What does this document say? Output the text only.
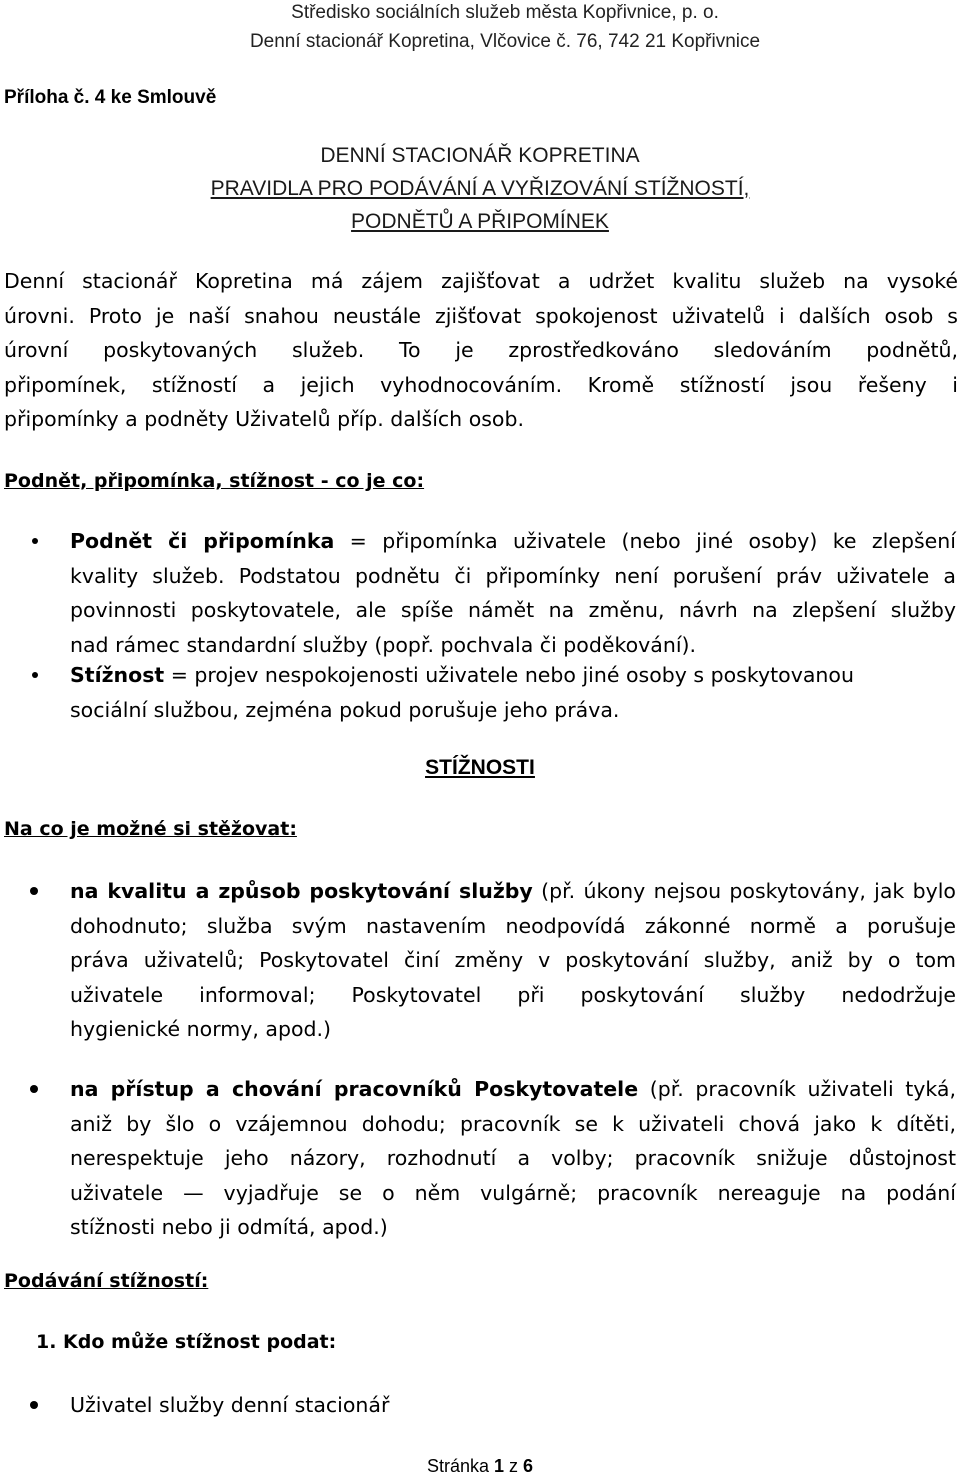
Středisko sociálních služeb města Kopřivnice, p. o.
Denní stacionář Kopretina, Vlčovice č. 76, 742 21 Kopřivnice
Příloha č. 4 ke Smlouvě
DENNÍ STACIONÁŘ KOPRETINA
PRAVIDLA PRO PODÁVÁNÍ A VYŘIZOVÁNÍ STÍŽNOSTÍ,
PODNĚTŮ A PŘIPOMÍNEK
Denní stacionář Kopretina má zájem zajišťovat a udržet kvalitu služeb na vysoké
úrovni. Proto je naší snahou neustále zjišťovat spokojenost uživatelů i dalších osob s
úrovní poskytovaných služeb. To je zprostředkováno sledováním podnětů,
připomínek, stížností a jejich vyhodnocováním. Kromě stížností jsou řešeny i
připomínky a podněty Uživatelů příp. dalších osob.
Podnět, připomínka, stížnost - co je co:
Podnět či připomínka = připomínka uživatele (nebo jiné osoby) ke zlepšení
kvality služeb. Podstatou podnětu či připomínky není porušení práv uživatele a
povinnosti poskytovatele, ale spíše námět na změnu, návrh na zlepšení služby
nad rámec standardní služby (popř. pochvala či poděkování).
Stížnost = projev nespokojenosti uživatele nebo jiné osoby s poskytovanou
sociální službou, zejména pokud porušuje jeho práva.
STÍŽNOSTI
Na co je možné si stěžovat:
na kvalitu a způsob poskytování služby (př. úkony nejsou poskytovány, jak bylo
dohodnuto; služba svým nastavením neodpovídá zákonné normě a porušuje
práva uživatelů; Poskytovatel činí změny v poskytování služby, aniž by o tom
uživatele informoval; Poskytovatel při poskytování služby nedodržuje
hygienické normy, apod.)
na přístup a chování pracovníků Poskytovatele (př. pracovník uživateli tyká,
aniž by šlo o vzájemnou dohodu; pracovník se k uživateli chová jako k dítěti,
nerespektuje jeho názory, rozhodnutí a volby; pracovník snižuje důstojnost
uživatele — vyjadřuje se o něm vulgárně; pracovník nereaguje na podání
stížnosti nebo ji odmítá, apod.)
Podávání stížností:
1. Kdo může stížnost podat:
Uživatel služby denní stacionář
Stránka 1 z 6
